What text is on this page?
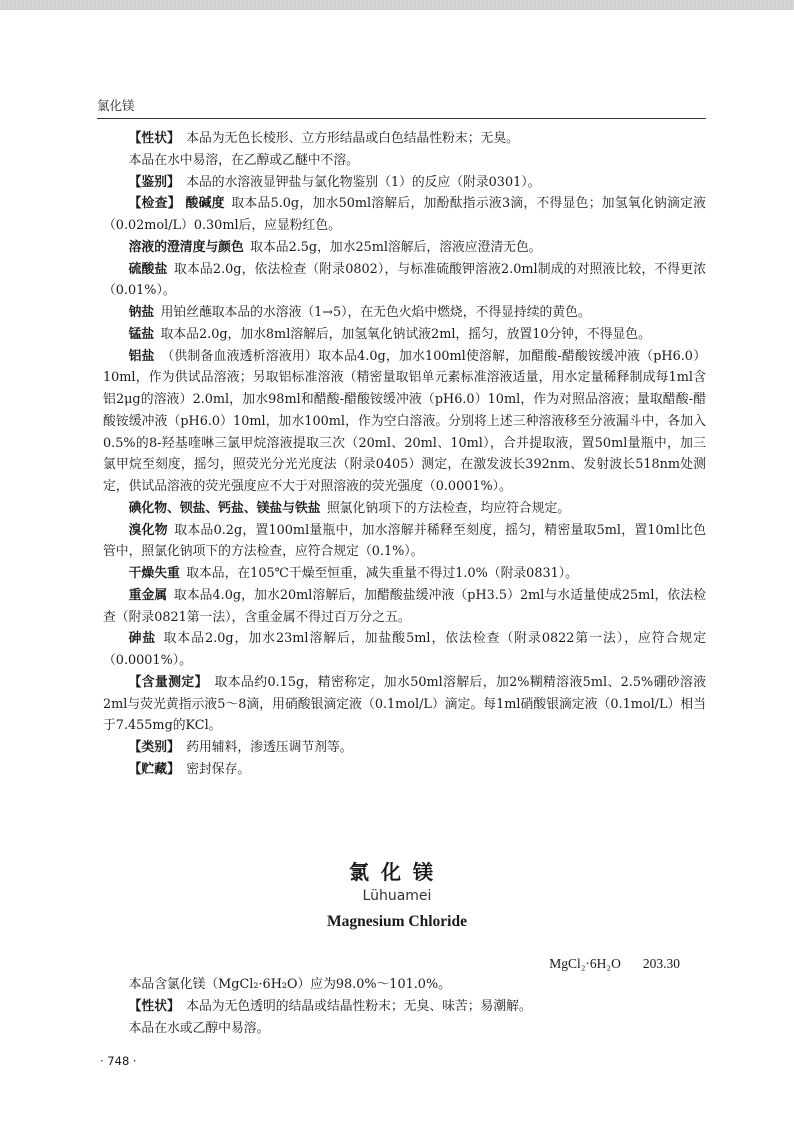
氯化镁

【性状】  本品为无色长棱形、立方形结晶或白色结晶性粉末；无臭。

本品在水中易溶，在乙醇或乙醚中不溶。

【鉴别】  本品的水溶液显钾盐与氯化物鉴别（1）的反应（附录0301）。

【检查】 酸碱度  取本品5.0g，加水50ml溶解后，加酚酞指示液3滴，不得显色；加氢氧化钠滴定液（0.02mol/L）0.30ml后，应显粉红色。

溶液的澄清度与颜色  取本品2.5g，加水25ml溶解后，溶液应澄清无色。

硫酸盐  取本品2.0g，依法检查（附录0802），与标准硫酸钾溶液2.0ml制成的对照液比较，不得更浓（0.01%）。

钠盐  用铂丝蘸取本品的水溶液（1→5），在无色火焰中燃烧，不得显持续的黄色。

锰盐  取本品2.0g，加水8ml溶解后，加氢氧化钠试液2ml，摇匀，放置10分钟，不得显色。

铝盐  （供制备血液透析溶液用）取本品4.0g，加水100ml使溶解，加醋酸-醋酸铵缓冲液（pH6.0）10ml，作为供试品溶液；另取铝标准溶液（精密量取铝单元素标准溶液适量，用水定量稀释制成每1ml含铝2μg的溶液）2.0ml，加水98ml和醋酸-醋酸铵缓冲液（pH6.0）10ml，作为对照品溶液；量取醋酸-醋酸铵缓冲液（pH6.0）10ml，加水100ml，作为空白溶液。分别将上述三种溶液移至分液漏斗中，各加入0.5%的8-羟基喹啉三氯甲烷溶液提取三次（20ml、20ml、10ml），合并提取液，置50ml量瓶中，加三氯甲烷至刻度，摇匀，照荧光分光光度法（附录0405）测定，在激发波长392nm、发射波长518nm处测定，供试品溶液的荧光强度应不大于对照溶液的荧光强度（0.0001%）。

碘化物、钡盐、钙盐、镁盐与铁盐  照氯化钠项下的方法检查，均应符合规定。

溴化物  取本品0.2g，置100ml量瓶中，加水溶解并稀释至刻度，摇匀，精密量取5ml，置10ml比色管中，照氯化钠项下的方法检查，应符合规定（0.1%）。

干燥失重  取本品，在105℃干燥至恒重，减失重量不得过1.0%（附录0831）。

重金属  取本品4.0g，加水20ml溶解后，加醋酸盐缓冲液（pH3.5）2ml与水适量使成25ml，依法检查（附录0821第一法），含重金属不得过百万分之五。

砷盐  取本品2.0g，加水23ml溶解后，加盐酸5ml，依法检查（附录0822第一法），应符合规定（0.0001%）。

【含量测定】  取本品约0.15g，精密称定，加水50ml溶解后，加2%糊精溶液5ml、2.5%硼砂溶液2ml与荧光黄指示液5～8滴，用硝酸银滴定液（0.1mol/L）滴定。每1ml硝酸银滴定液（0.1mol/L）相当于7.455mg的KCl。

【类别】  药用辅料，渗透压调节剂等。

【贮藏】  密封保存。

氯化镁
Lühuamei
Magnesium Chloride
MgCl₂·6H₂O 203.30

本品含氯化镁（MgCl₂·6H₂O）应为98.0%～101.0%。

【性状】  本品为无色透明的结晶或结晶性粉末；无臭、味苦；易潮解。

本品在水或乙醇中易溶。

· 748 ·
